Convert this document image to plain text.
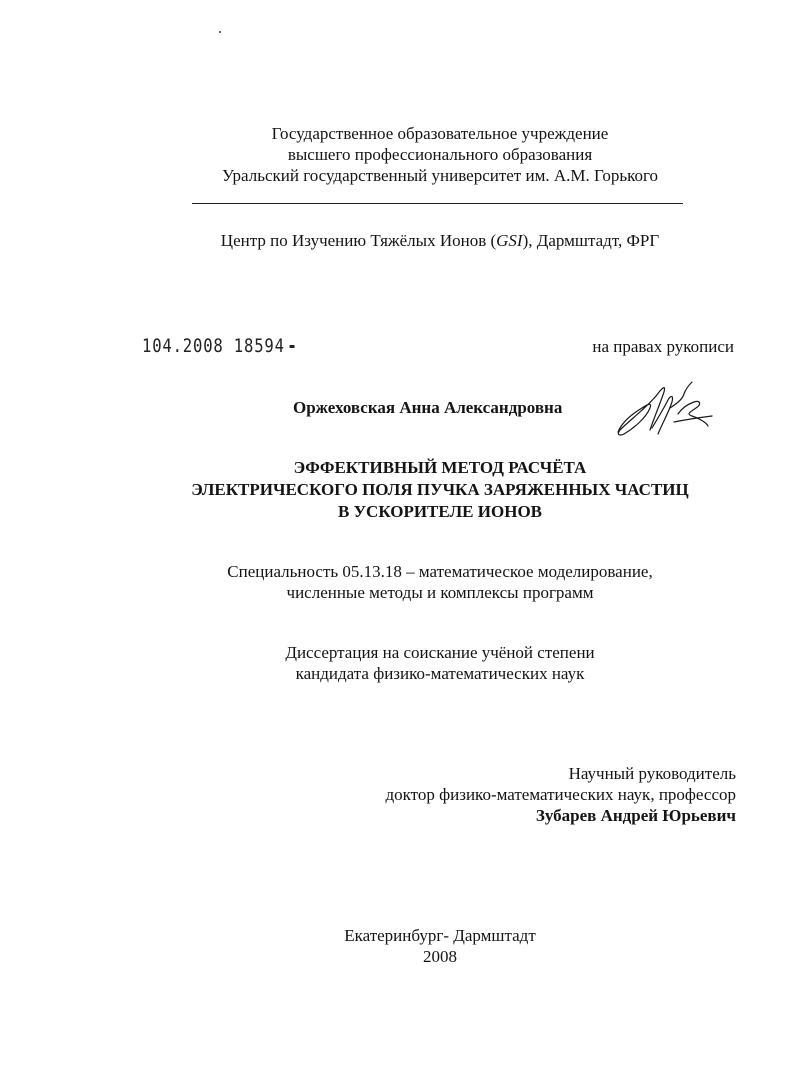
Государственное образовательное учреждение
высшего профессионального образования
Уральский государственный университет им. А.М. Горького
Центр по Изучению Тяжёлых Ионов (GSI), Дармштадт, ФРГ
104.2008 18594	на правах рукописи
Оржеховская Анна Александровна
ЭФФЕКТИВНЫЙ МЕТОД РАСЧЁТА
ЭЛЕКТРИЧЕСКОГО ПОЛЯ ПУЧКА ЗАРЯЖЕННЫХ ЧАСТИЦ
В УСКОРИТЕЛЕ ИОНОВ
Специальность 05.13.18 – математическое моделирование,
численные методы и комплексы программ
Диссертация на соискание учёной степени
кандидата физико-математических наук
Научный руководитель
доктор физико-математических наук, профессор
Зубарев Андрей Юрьевич
Екатеринбург- Дармштадт
2008
